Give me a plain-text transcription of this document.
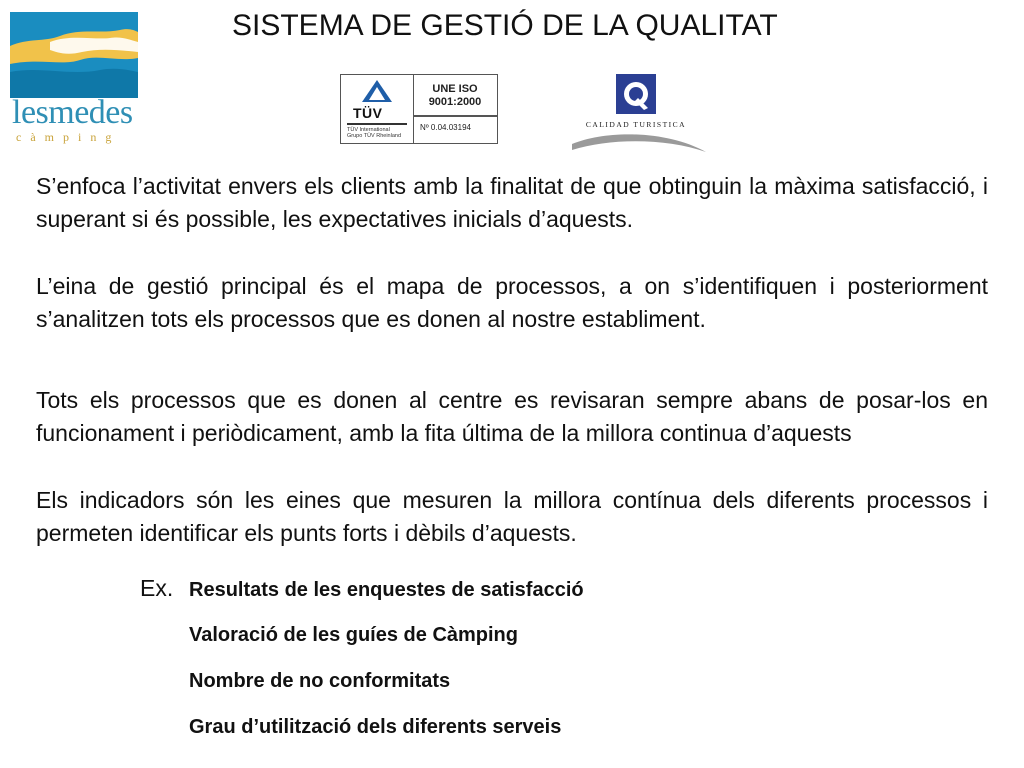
lesmedes
càmping
SISTEMA DE GESTIÓ DE LA QUALITAT
TÜV
TÜV International
Grupo TÜV Rheinland
UNE ISO
9001:2000
Nº 0.04.03194	CALIDAD TURISTICA

S’enfoca l’activitat envers els clients amb la finalitat de que obtinguin la màxima satisfacció, i superant si és possible, les expectatives inicials d’aquests.

L’eina de gestió principal és el mapa de processos, a on s’identifiquen i posteriorment s’analitzen tots els processos que es donen al nostre establiment.

Tots els processos que es donen al centre es revisaran sempre abans de posar-los en funcionament i periòdicament, amb la fita última de la millora continua d’aquests

Els indicadors són les eines que mesuren la millora contínua dels diferents processos i permeten identificar els punts forts i dèbils d’aquests.

Ex. Resultats de les enquestes de satisfacció
Valoració de les guíes de Càmping
Nombre de no conformitats
Grau d’utilització dels diferents serveis
